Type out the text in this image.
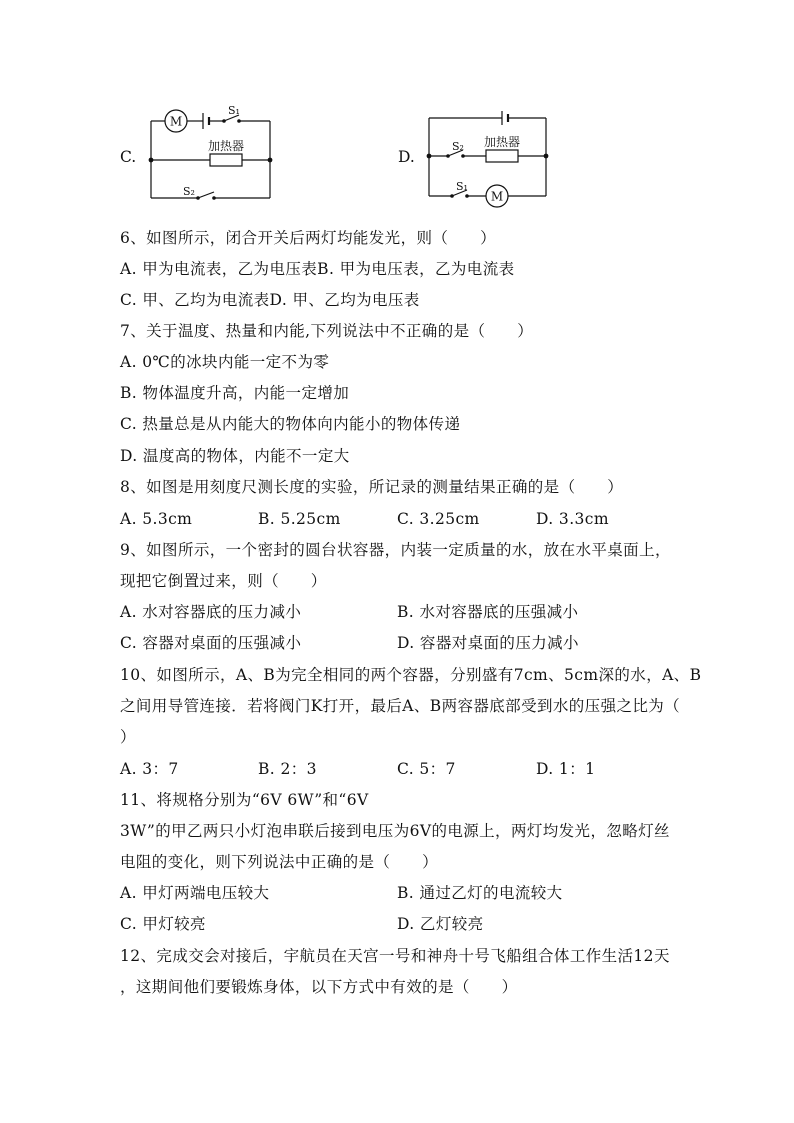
C.
M
S₁
加热器
S₂
D.
S₂ 加热器
S₁
M
6、如图所示，闭合开关后两灯均能发光，则（　　）
A. 甲为电流表，乙为电压表B. 甲为电压表，乙为电流表
C. 甲、乙均为电流表D. 甲、乙均为电压表
7、关于温度、热量和内能,下列说法中不正确的是（　　）
A. 0℃的冰块内能一定不为零
B. 物体温度升高，内能一定增加
C. 热量总是从内能大的物体向内能小的物体传递
D. 温度高的物体，内能不一定大
8、如图是用刻度尺测长度的实验，所记录的测量结果正确的是（　　）
A. 5.3cm	B. 5.25cm	C. 3.25cm	D. 3.3cm
9、如图所示，一个密封的圆台状容器，内装一定质量的水，放在水平桌面上，
现把它倒置过来，则（　　）
A. 水对容器底的压力减小	B. 水对容器底的压强减小
C. 容器对桌面的压强减小	D. 容器对桌面的压力减小
10、如图所示，A、B为完全相同的两个容器，分别盛有7cm、5cm深的水，A、B
之间用导管连接．若将阀门K打开，最后A、B两容器底部受到水的压强之比为（
）
A. 3：7	B. 2：3	C. 5：7	D. 1：1
11、将规格分别为“6V 6W”和“6V
3W”的甲乙两只小灯泡串联后接到电压为6V的电源上，两灯均发光，忽略灯丝
电阻的变化，则下列说法中正确的是（　　）
A. 甲灯两端电压较大	B. 通过乙灯的电流较大
C. 甲灯较亮	D. 乙灯较亮
12、完成交会对接后，宇航员在天宫一号和神舟十号飞船组合体工作生活12天
，这期间他们要锻炼身体，以下方式中有效的是（　　）
